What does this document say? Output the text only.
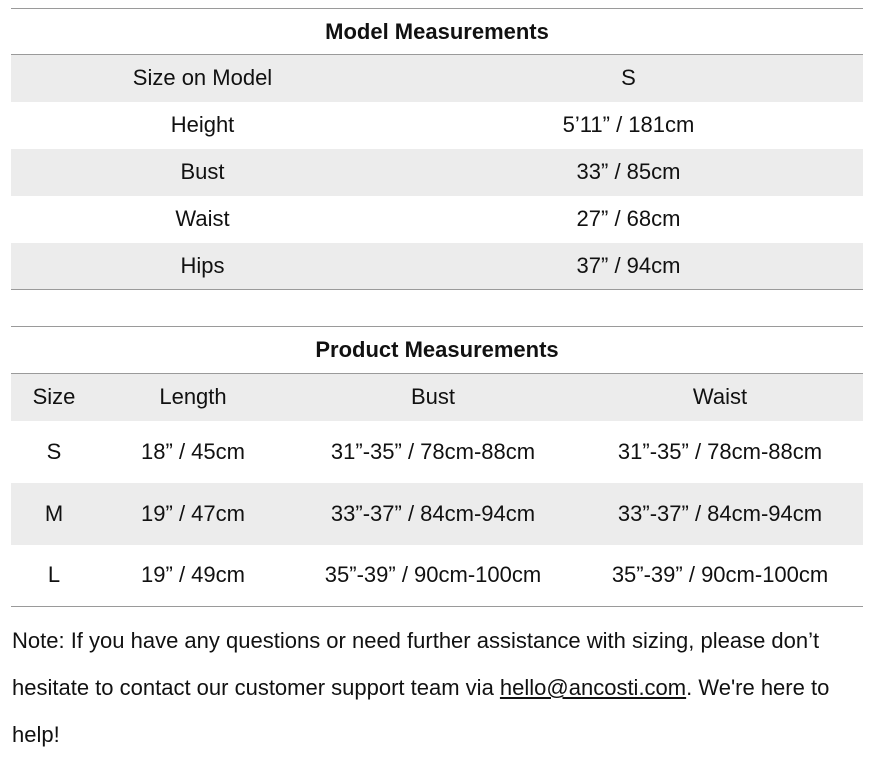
Model Measurements	
Size on Model	S
Height	5’11” / 181cm
Bust	33” / 85cm
Waist	27” / 68cm
Hips	37” / 94cm
Product Measurements			
Size	Length	Bust	Waist
S	18” / 45cm	31”-35” / 78cm-88cm	31”-35” / 78cm-88cm
M	19” / 47cm	33”-37” / 84cm-94cm	33”-37” / 84cm-94cm
L	19” / 49cm	35”-39” / 90cm-100cm	35”-39” / 90cm-100cm
Note: If you have any questions or need further assistance with sizing, please don’t hesitate to contact our customer support team via hello@ancosti.com. We're here to help!
